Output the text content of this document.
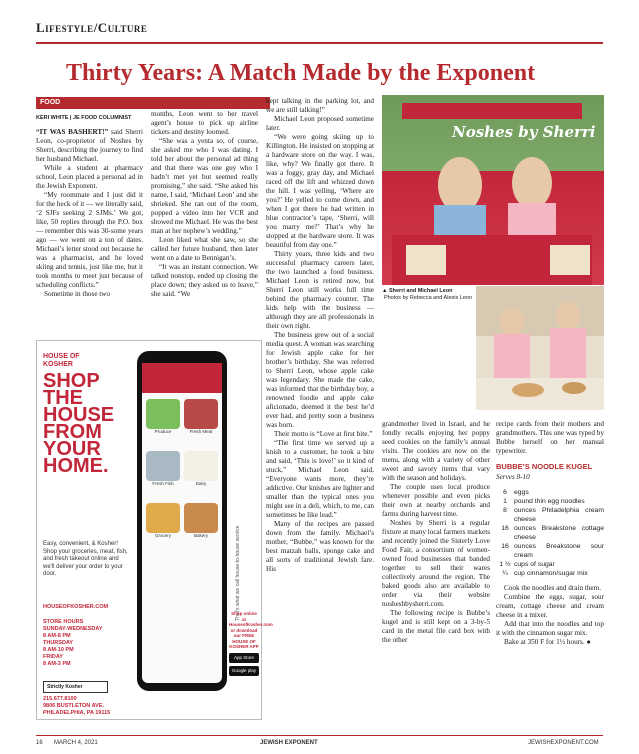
Lifestyle/Culture
Thirty Years: A Match Made by the Exponent
FOOD
KERI WHITE | JE FOOD COLUMNIST

“IT WAS BASHERT!” said Sherri Leon, co-proprietor of Noshes by Sherri, describing the journey to find her husband Michael.

While a student at pharmacy school, Leon placed a personal ad in the Jewish Exponent.

“My roommate and I just did it for the heck of it — we literally said, ‘2 SJFs seeking 2 SJMs.’ We got, like, 50 replies through the P.O. box — remember this was 30-some years ago — we went on a ton of dates. Michael’s letter stood out because he was a pharmacist, and he loved skiing and tennis, just like me, but it took months to meet just because of scheduling conflicts.”

Sometime in those two

months, Leon went to her travel agent’s house to pick up airline tickets and destiny loomed.

“She was a yenta so, of course, she asked me who I was dating. I told her about the personal ad thing and that there was one guy who I hadn’t met yet but seemed really promising,” she said. “She asked his name, I said, ‘Michael Leon’ and she shrieked. She ran out of the room, popped a video into her VCR and showed me Michael. He was the best man at her nephew’s wedding.”

Leon liked what she saw, so she called her future husband, then later went on a date to Bennigan’s.

“It was an instant connection. We talked nonstop, ended up closing the place down; they asked us to leave,” she said. “We

kept talking in the parking lot, and we are still talking!”

Michael Leon proposed sometime later.

“We were going skiing up to Killington. He insisted on stopping at a hardware store on the way. I was, like, why? We finally got there. It was a foggy, gray day, and Michael raced off the lift and whizzed down the hill. I was yelling, ‘Where are you?’ He yelled to come down, and when I got there he had written in blue contractor’s tape, ‘Sherri, will you marry me?’ That’s why he stopped at the hardware store. It was beautiful from day one.”

Thirty years, three kids and two successful pharmacy careers later, the two launched a food business. Michael Leon is retired now, but Sherri Leon still works full time behind the pharmacy counter. The kids help with the business — although they are all professionals in their own right.

The business grew out of a social media quest. A woman was searching for Jewish apple cake for her brother’s birthday. She was referred to Sherri Leon, whose apple cake was legendary. She made the cake, was informed that the birthday boy, a renowned foodie and apple cake aficionado, deemed it the best he’d ever had, and pretty soon a business was born.

Their motto is “Love at first bite.”

“The first time we served up a knish to a customer, he took a bite and said, ‘This is love!’ so it kind of stuck,” Michael Leon said. “Everyone wants more, they’re addictive. Our knishes are lighter and smaller than the typical ones you might see in a deli, which, to me, can sometimes be like lead.”

Many of the recipes are passed down from the family. Michael’s mother, “Bubbe,” was known for the best matzah balls, sponge cake and all sorts of traditional Jewish fare. His

Noshes by Sherri
▲ Sherri and Michael Leon
Photos by Rebecca and Alexis Leon

grandmother lived in Israel, and he fondly recalls enjoying her poppy seed cookies on the family’s annual visits. The cookies are now on the menu, along with a variety of other sweet and savory items that vary with the season and holidays.

The couple uses local produce whenever possible and even picks their own at nearby orchards and farms during harvest time.

Noshes by Sherri is a regular fixture at many local farmers markets and recently joined the Sisterly Love Food Fair, a consortium of women-owned food businesses that banded together to sell their wares collectively around the region. The baked goods also are available to order via their website nosheshbysherri.com.

The following recipe is Bubbe’s kugel and is still kept on a 3-by-5 card in the metal file card box with the other

recipe cards from their mothers and grandmothers. This one was typed by Bubbe herself on her manual typewriter.

BUBBE’S NOODLE KUGEL
Serves 8-10
6	eggs
1	pound thin egg noodles
8	ounces Philadelphia cream cheese
16 ounces Breakstone cottage cheese
16 ounces Breakstone sour cream
1 ½ cups of sugar
¼ cup cinnamon/sugar mix

Cook the noodles and drain them.

Combine the eggs, sugar, sour cream, cottage cheese and cream cheese in a mixer.

Add that into the noodles and top it with the cinnamon sugar mix.

Bake at 350 F for 1½ hours. ●

HOUSE OF
KOSHER
SHOP
THE
HOUSE
FROM
YOUR
HOME.
Easy, convenient, & Kosher! Shop your groceries, meat, fish, and fresh takeout online and we'll deliver your order to your door.
HOUSEOFKOSHER.COM
STORE HOURS
SUNDAY-WEDNESDAY
8 AM-8 PM
THURSDAY
8 AM-10 PM
FRIDAY
8 AM-3 PM
Strictly Kosher
215.677.8100
9806 BUSTLETON AVE.
PHILADELPHIA, PA 19115
Produce	Fresh Meat
Fresh Fish	Dairy
Grocery	Bakery	That's what we call house-to-house service
Shop online at HouseofKosher.com or download our FREE HOUSE OF KOSHER APP
App Store
Google play
16 MARCH 4, 2021	JEWISH EXPONENT	JEWISHEXPONENT.COM
